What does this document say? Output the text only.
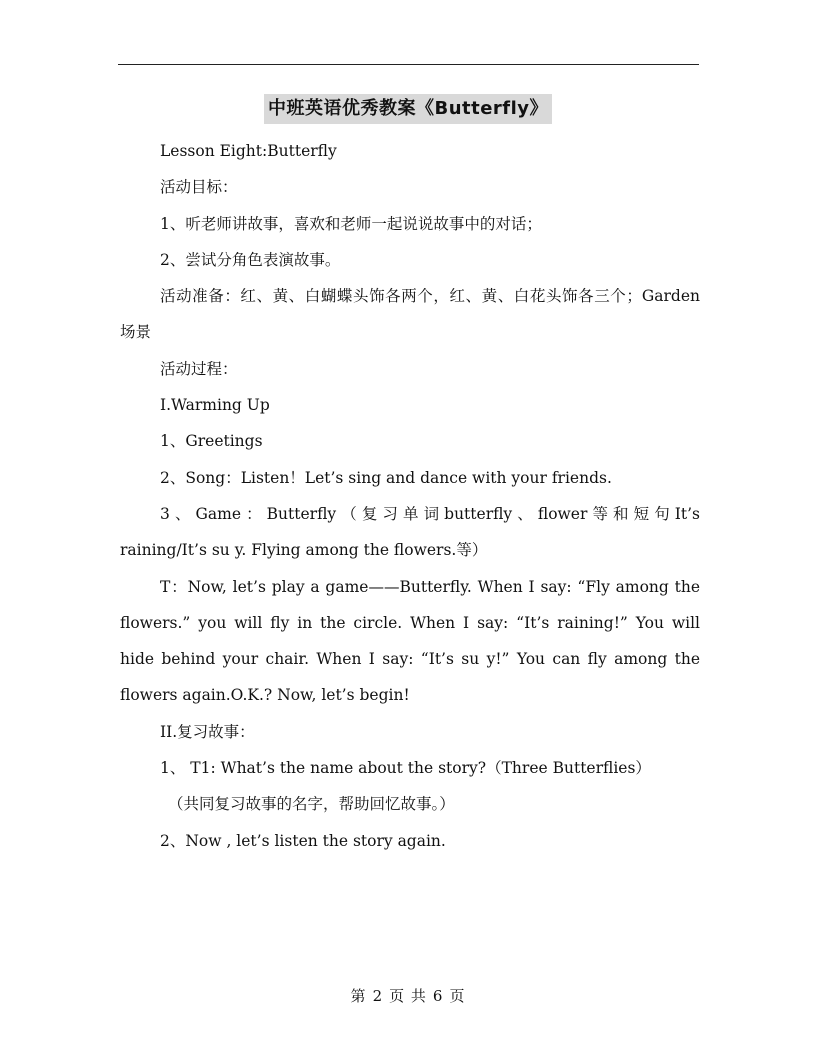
中班英语优秀教案《Butterfly》

Lesson Eight:Butterfly

活动目标：

1、听老师讲故事，喜欢和老师一起说说故事中的对话；

2、尝试分角色表演故事。

活动准备：红、黄、白蝴蝶头饰各两个，红、黄、白花头饰各三个；Garden 场景

活动过程：

I.Warming Up

1、Greetings

2、Song：Listen！Let’s sing and dance with your friends.

3、Game：Butterfly（复习单词butterfly、flower等和短句It’s raining/It’s su y. Flying among the flowers.等）

T：Now, let’s play a game——Butterfly. When I say: “Fly among the flowers.” you will fly in the circle. When I say: “It’s raining!” You will hide behind your chair. When I say: “It’s su y!” You can fly among the flowers again.O.K.? Now, let’s begin!

II.复习故事：

1、 T1: What’s the name about the story?（Three Butterflies）

（共同复习故事的名字，帮助回忆故事。）

2、Now , let’s listen the story again.

第 2 页 共 6 页
